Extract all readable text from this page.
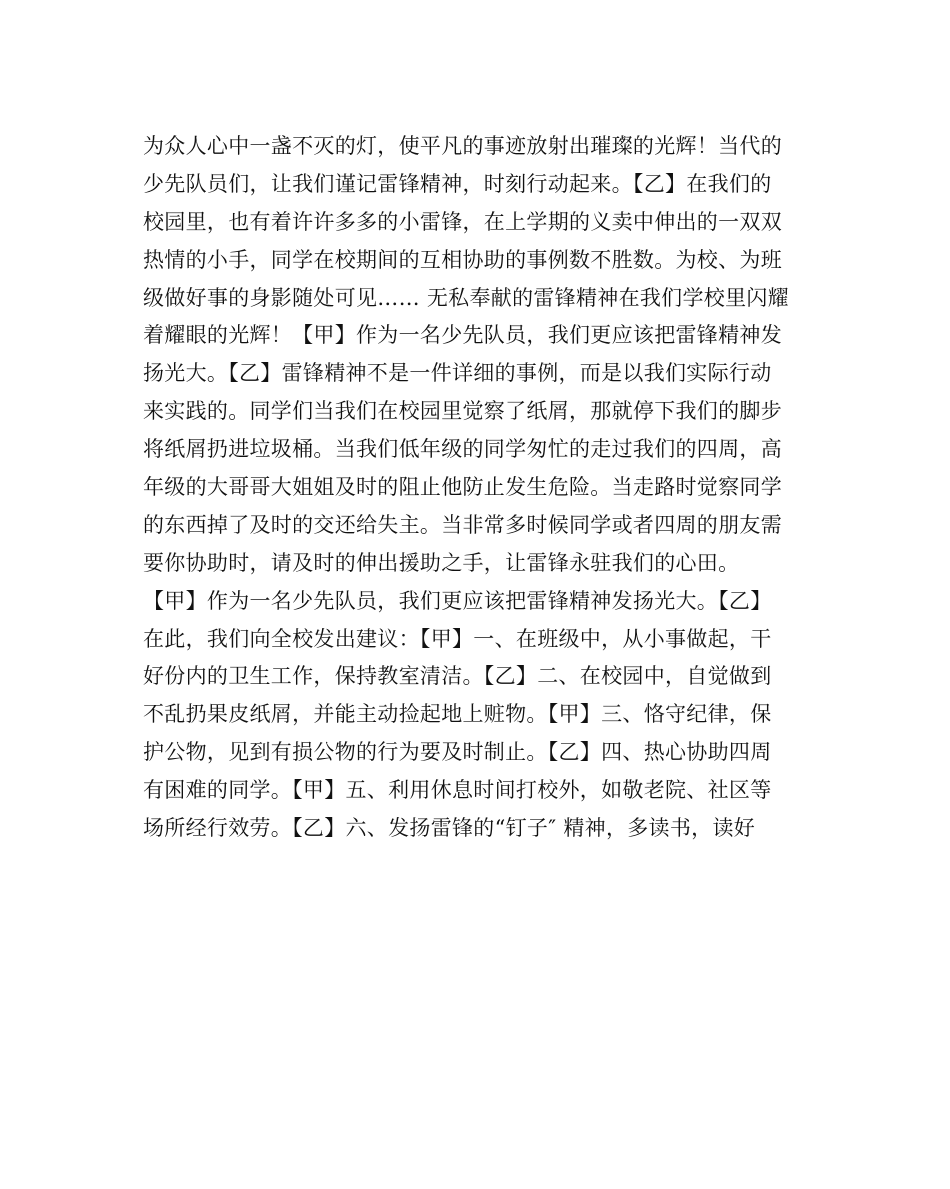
为众人心中一盏不灭的灯，使平凡的事迹放射出璀璨的光辉！当代的
少先队员们，让我们谨记雷锋精神，时刻行动起来。【乙】在我们的
校园里，也有着许许多多的小雷锋，在上学期的义卖中伸出的一双双
热情的小手，同学在校期间的互相协助的事例数不胜数。为校、为班
级做好事的身影随处可见…… 无私奉献的雷锋精神在我们学校里闪耀
着耀眼的光辉！【甲】作为一名少先队员，我们更应该把雷锋精神发
扬光大。【乙】雷锋精神不是一件详细的事例，而是以我们实际行动
来实践的。同学们当我们在校园里觉察了纸屑，那就停下我们的脚步
将纸屑扔进垃圾桶。当我们低年级的同学匆忙的走过我们的四周，高
年级的大哥哥大姐姐及时的阻止他防止发生危险。当走路时觉察同学
的东西掉了及时的交还给失主。当非常多时候同学或者四周的朋友需
要你协助时，请及时的伸出援助之手，让雷锋永驻我们的心田。
【甲】作为一名少先队员，我们更应该把雷锋精神发扬光大。【乙】
在此，我们向全校发出建议：【甲】一、在班级中，从小事做起，干
好份内的卫生工作，保持教室清洁。【乙】二、在校园中，自觉做到
不乱扔果皮纸屑，并能主动捡起地上赃物。【甲】三、恪守纪律，保
护公物，见到有损公物的行为要及时制止。【乙】四、热心协助四周
有困难的同学。【甲】五、利用休息时间打校外，如敬老院、社区等
场所经行效劳。【乙】六、发扬雷锋的“钉子″ 精神，多读书，读好
